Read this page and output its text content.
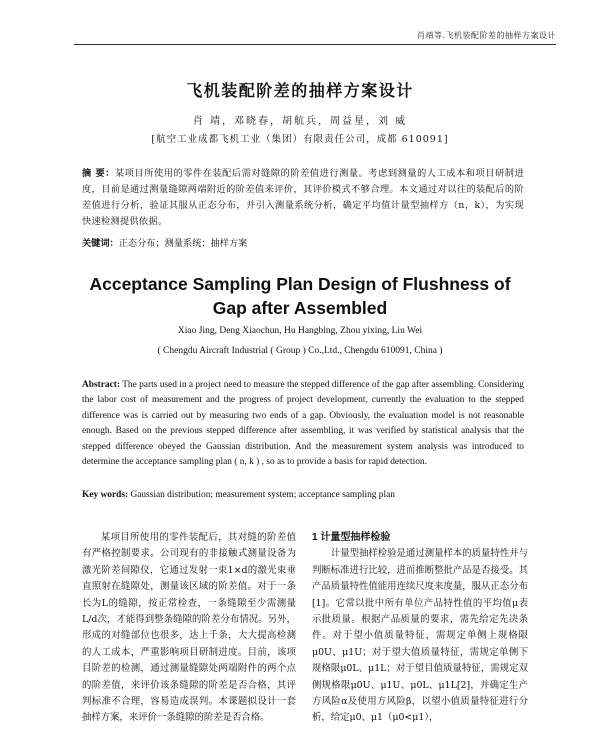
肖靖等.飞机装配阶差的抽样方案设计
飞机装配阶差的抽样方案设计
肖 靖，邓晓春，胡航兵，周益星，刘 威
[航空工业成都飞机工业（集团）有限责任公司，成都 610091]
摘 要：某项目所使用的零件在装配后需对缝隙的阶差值进行测量。考虑到测量的人工成本和项目研制进度，目前是通过测量缝隙两端附近的阶差值来评价，其评价模式不够合理。本文通过对以往的装配后的阶差值进行分析，验证其服从正态分布，并引入测量系统分析，确定平均值计量型抽样方（n，k），为实现快速检测提供依据。
关键词：正态分布；测量系统；抽样方案
Acceptance Sampling Plan Design of Flushness of
Gap after Assembled
Xiao Jing, Deng Xiaochun, Hu Hangbing, Zhou yixing, Liu Wei
( Chengdu Aircraft Industrial ( Group ) Co.,Ltd., Chengdu 610091, China )
Abstract: The parts used in a project need to measure the stepped difference of the gap after assembling. Considering the labor cost of measurement and the progress of project development, currently the evaluation to the stepped difference was is carried out by measuring two ends of a gap. Obviously, the evaluation model is not reasonable enough. Based on the previous stepped difference after assembling, it was verified by statistical analysis that the stepped difference obeyed the Gaussian distribution. And the measurement system analysis was introduced to determine the acceptance sampling plan ( n, k ) , so as to provide a basis for rapid detection.
Key words: Gaussian distribution; measurement system; acceptance sampling plan

某项目所使用的零件装配后，其对缝的阶差值有严格控制要求。公司现有的非接触式测量设备为激光阶差间隙仪，它通过发射一束1×d的激光束垂直照射在缝隙处，测量该区域的阶差值。对于一条长为L的缝隙，按正常检查，一条缝隙至少需测量L/d次，才能得到整条缝隙的阶差分布情况。另外，形成的对缝部位也很多，达上千条，大大提高检测的人工成本，严重影响项目研制进度。目前，该项目阶差的检测，通过测量缝隙处两端附件的两个点的阶差值，来评价该条缝隙的阶差是否合格，其评判标准不合理，容易造成误判。本课题拟设计一套抽样方案，来评价一条缝隙的阶差是否合格。

1 计量型抽样检验

计量型抽样检验是通过测量样本的质量特性并与判断标准进行比较，进而推断整批产品是否接受。其产品质量特性值能用连续尺度来度量，服从正态分布[1]。它常以批中所有单位产品特性值的平均值μ表示批质量。根据产品质量的要求，需先给定先决条件。对于望小值质量特征，需规定单侧上规格限μ0U、μ1U；对于望大值质量特征，需规定单侧下规格限μ0L、μ1L；对于望目值质量特征，需规定双侧规格限μ0U、μ1U、μ0L、μ1L[2]，并确定生产方风险α及使用方风险β，以望小值质量特征进行分析，给定μ0、μ1（μ0<μ1），
